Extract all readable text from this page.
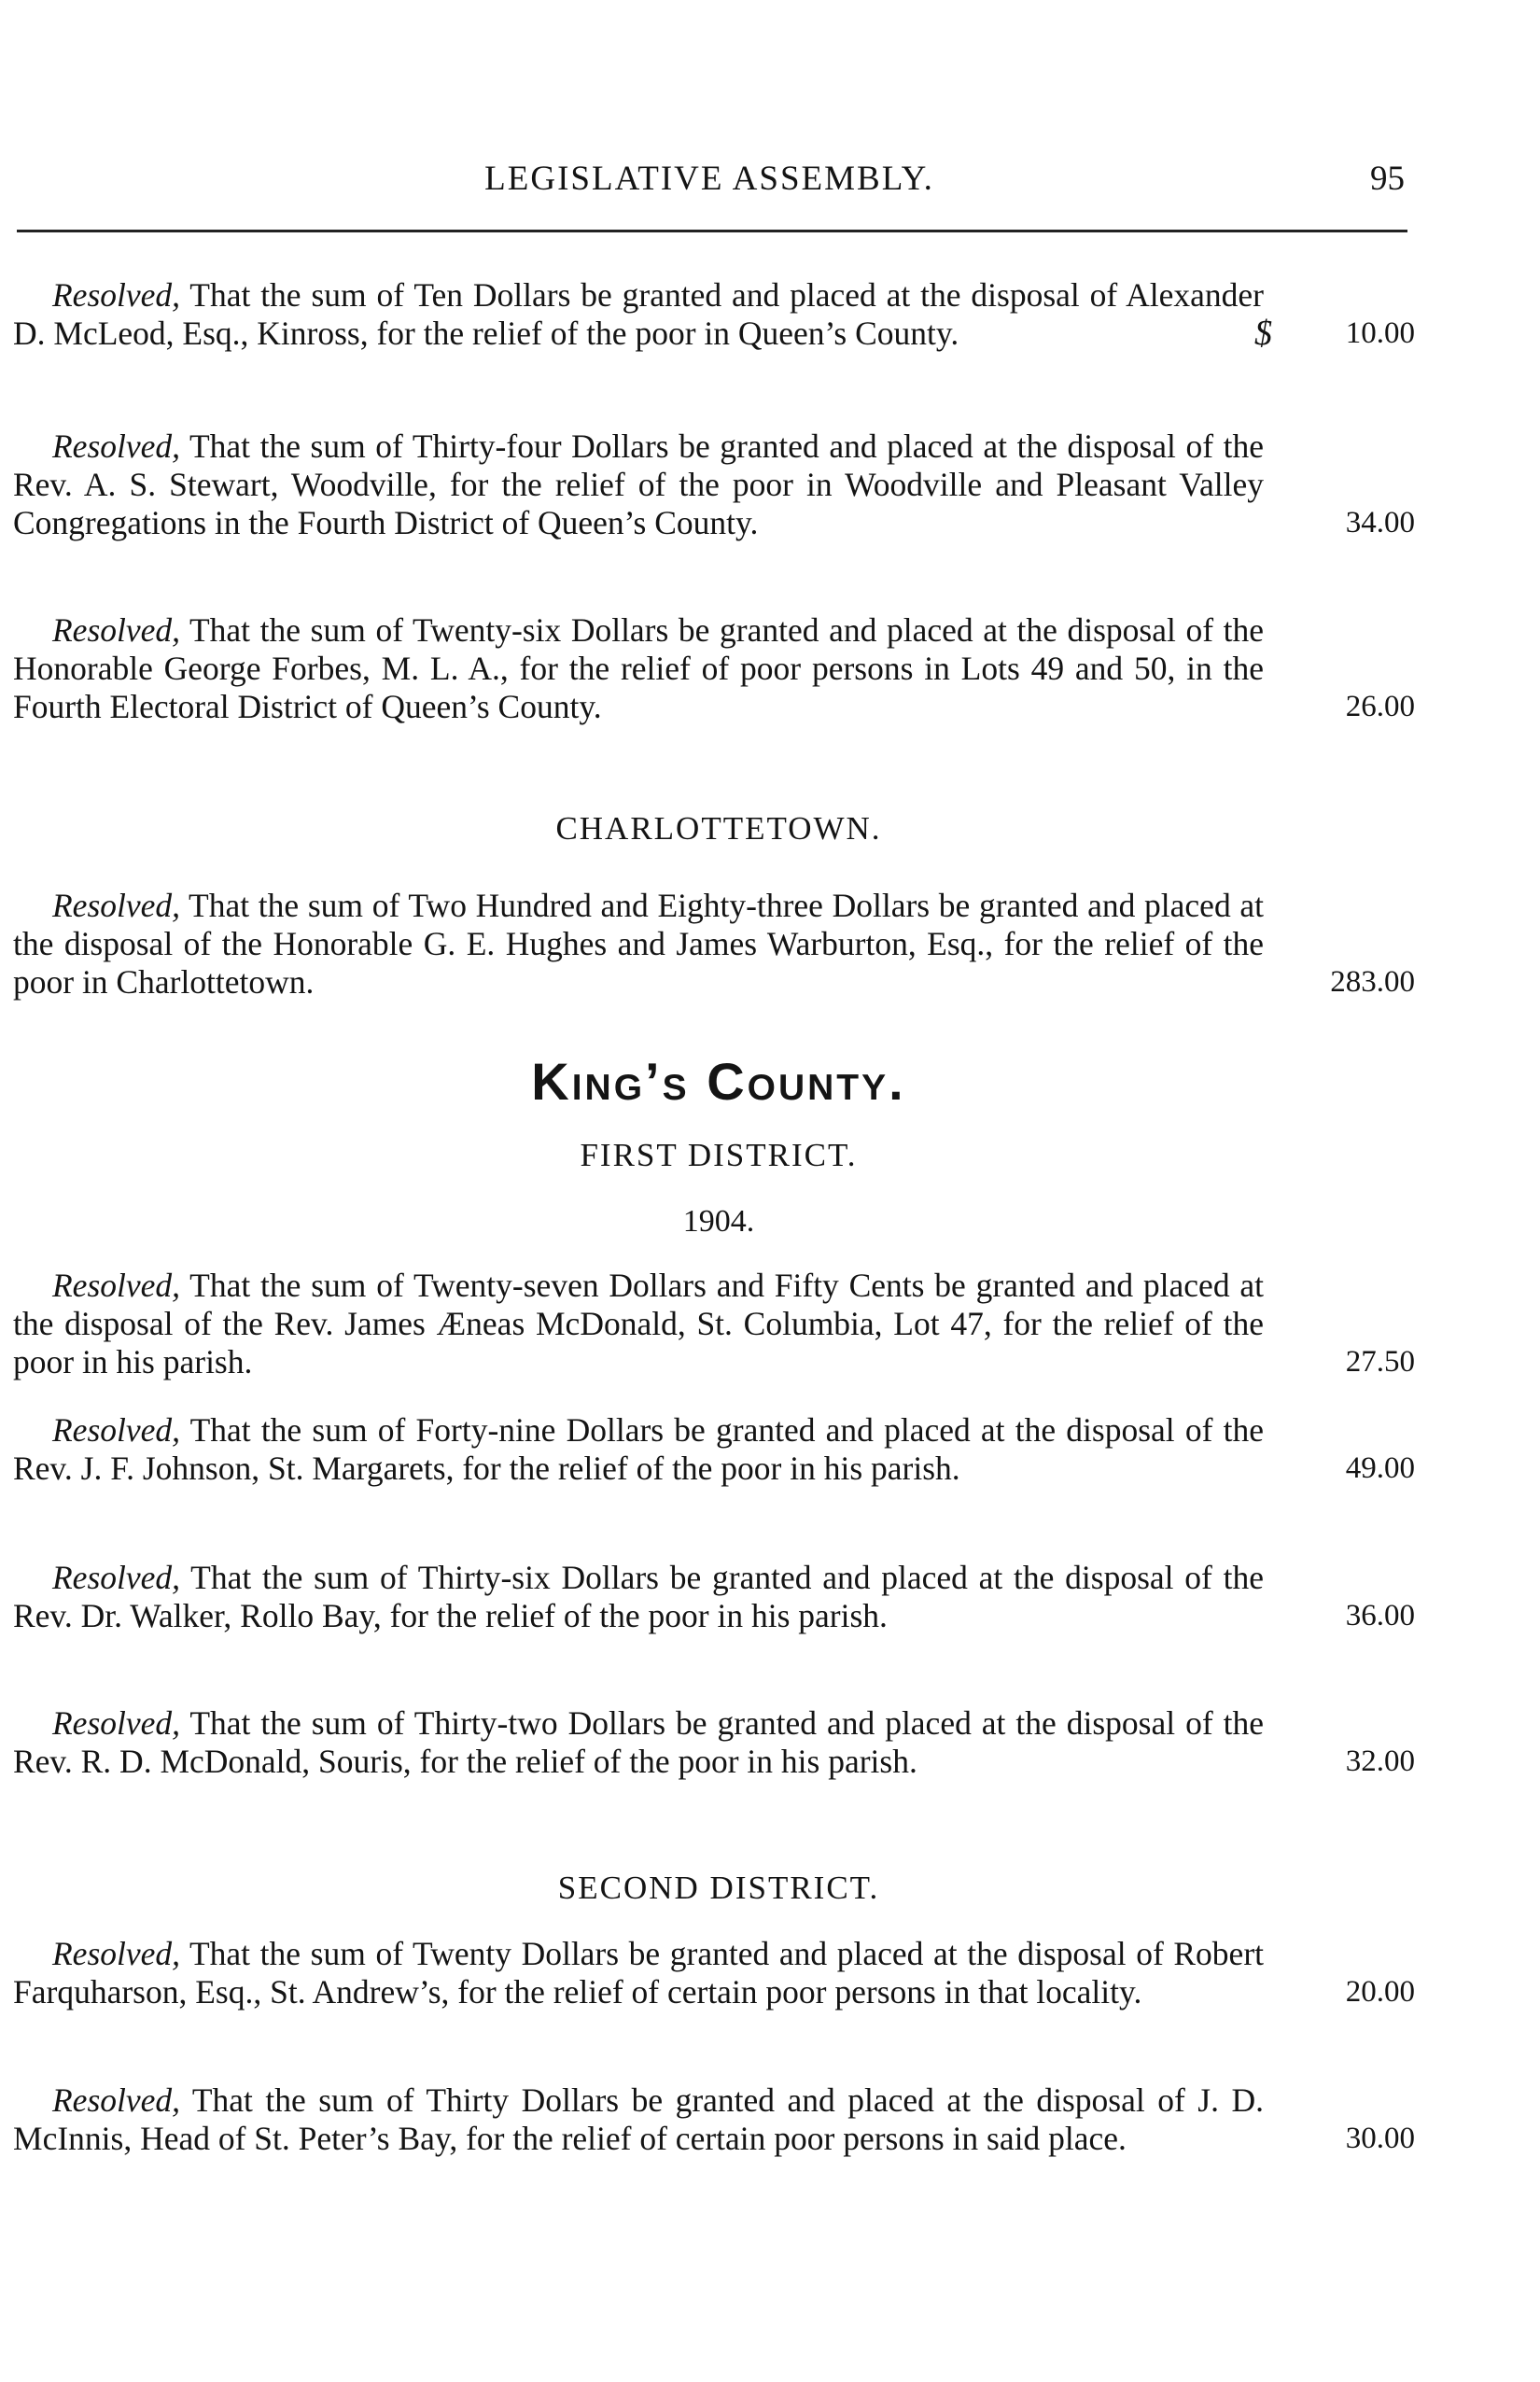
LEGISLATIVE ASSEMBLY.	95
Resolved, That the sum of Ten Dollars be granted and placed at the disposal of Alexander D. McLeod, Esq., Kinross, for the relief of the poor in Queen’s County.	$ 10.00
Resolved, That the sum of Thirty-four Dollars be granted and placed at the disposal of the Rev. A. S. Stewart, Woodville, for the relief of the poor in Woodville and Pleasant Valley Congregations in the Fourth District of Queen’s County.	34.00
Resolved, That the sum of Twenty-six Dollars be granted and placed at the disposal of the Honorable George Forbes, M. L. A., for the relief of poor persons in Lots 49 and 50, in the Fourth Electoral District of Queen’s County.	26.00
CHARLOTTETOWN.
Resolved, That the sum of Two Hundred and Eighty-three Dollars be granted and placed at the disposal of the Honorable G. E. Hughes and James Warburton, Esq., for the relief of the poor in Charlottetown.	283.00
King’s County.
FIRST DISTRICT.
1904.
Resolved, That the sum of Twenty-seven Dollars and Fifty Cents be granted and placed at the disposal of the Rev. James Æneas McDonald, St. Columbia, Lot 47, for the relief of the poor in his parish.	27.50
Resolved, That the sum of Forty-nine Dollars be granted and placed at the disposal of the Rev. J. F. Johnson, St. Margarets, for the relief of the poor in his parish.	49.00
Resolved, That the sum of Thirty-six Dollars be granted and placed at the disposal of the Rev. Dr. Walker, Rollo Bay, for the relief of the poor in his parish.	36.00
Resolved, That the sum of Thirty-two Dollars be granted and placed at the disposal of the Rev. R. D. McDonald, Souris, for the relief of the poor in his parish.	32.00
SECOND DISTRICT.
Resolved, That the sum of Twenty Dollars be granted and placed at the disposal of Robert Farquharson, Esq., St. Andrew’s, for the relief of certain poor persons in that locality.	20.00
Resolved, That the sum of Thirty Dollars be granted and placed at the disposal of J. D. McInnis, Head of St. Peter’s Bay, for the relief of certain poor persons in said place.	30.00
